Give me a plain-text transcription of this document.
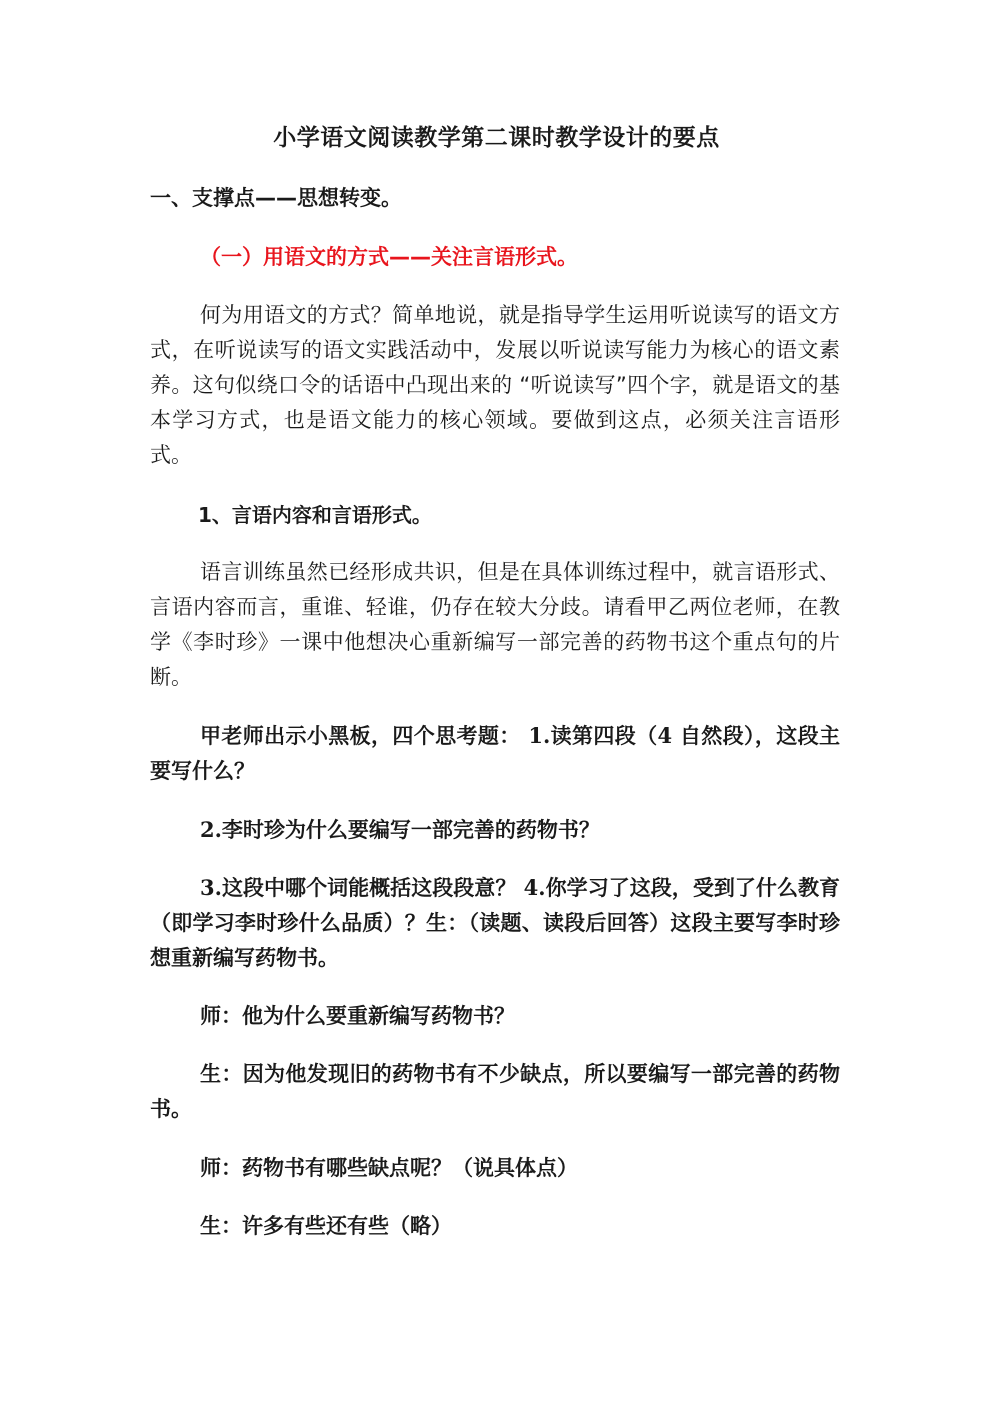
小学语文阅读教学第二课时教学设计的要点
一、支撑点——思想转变。
（一）用语文的方式——关注言语形式。

何为用语文的方式？简单地说，就是指导学生运用听说读写的语文方式，在听说读写的语文实践活动中，发展以听说读写能力为核心的语文素养。这句似绕口令的话语中凸现出来的 “听说读写”四个字，就是语文的基本学习方式，也是语文能力的核心领域。要做到这点，必须关注言语形式。

1、言语内容和言语形式。

语言训练虽然已经形成共识，但是在具体训练过程中，就言语形式、言语内容而言，重谁、轻谁，仍存在较大分歧。请看甲乙两位老师，在教学《李时珍》一课中他想决心重新编写一部完善的药物书这个重点句的片断。

甲老师出示小黑板，四个思考题： 1.读第四段（4 自然段），这段主要写什么？

2.李时珍为什么要编写一部完善的药物书？

3.这段中哪个词能概括这段段意？ 4.你学习了这段，受到了什么教育（即学习李时珍什么品质）？生：（读题、读段后回答）这段主要写李时珍想重新编写药物书。

师：他为什么要重新编写药物书？

生：因为他发现旧的药物书有不少缺点，所以要编写一部完善的药物书。

师：药物书有哪些缺点呢？（说具体点）

生：许多有些还有些（略）
